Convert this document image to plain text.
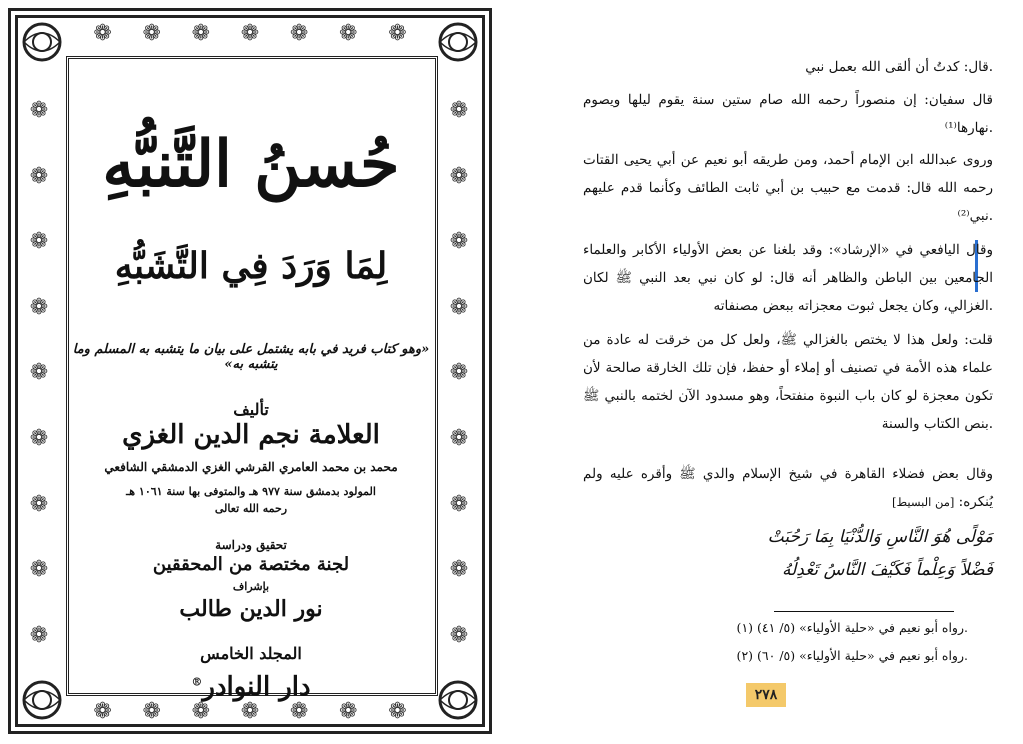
❁ ❁ ❁ ❁ ❁ ❁ ❁
❁ ❁ ❁ ❁ ❁ ❁ ❁
❁
❁
❁
❁
❁
❁
❁
❁
❁
❁
❁
❁
❁
❁
❁
❁
❁
❁
حُسنُ التَّنبُّهِ
لِمَا وَرَدَ فِي التَّشَبُّهِ
«وهو كتاب فريد في بابه يشتمل على بيان ما يتشبه به المسلم وما يتشبه به»
تأليف
العلامة نجم الدين الغزي
محمد بن محمد العامري القرشي الغزي الدمشقي الشافعي
المولود بدمشق سنة ٩٧٧ هـ والمتوفى بها سنة ١٠٦١ هـ
رحمه الله تعالى
تحقيق ودراسة
لجنة مختصة من المحققين
بإشراف
نور الدين طالب
المجلد الخامس
دار النوادر®
قال: كدتُ أن ألقى الله بعمل نبي.
قال سفيان: إن منصوراً رحمه الله صام ستين سنة يقوم ليلها ويصوم نهارها⁽¹⁾.
وروى عبدالله ابن الإمام أحمد، ومن طريقه أبو نعيم عن أبي يحيى القتات رحمه الله قال: قدمت مع حبيب بن أبي ثابت الطائف وكأنما قدم عليهم نبي⁽²⁾.
وقال اليافعي في «الإرشاد»: وقد بلغنا عن بعض الأولياء الأكابر والعلماء الجامعين بين الباطن والظاهر أنه قال: لو كان نبي بعد النبي ﷺ لكان الغزالي، وكان يجعل ثبوت معجزاته ببعض مصنفاته.
قلت: ولعل هذا لا يختص بالغزالي ﷺ، ولعل كل من خرقت له عادة من علماء هذه الأمة في تصنيف أو إملاء أو حفظ، فإن تلك الخارقة صالحة لأن تكون معجزة لو كان باب النبوة منفتحاً، وهو مسدود الآن لختمه بالنبي ﷺ بنص الكتاب والسنة.
وقال بعض فضلاء القاهرة في شيخ الإسلام والدي ﷺ وأقره عليه ولم يُنكره: [من البسيط]
مَوْلًى هُوَ النَّاسِ وَالدُّنْيَا بِمَا رَحُبَتْ
فَضْلاً وَعِلْماً فَكَيْفَ النَّاسُ تَعْدِلُهُ
(١) رواه أبو نعيم في «حلية الأولياء» (٥/ ٤١).
(٢) رواه أبو نعيم في «حلية الأولياء» (٥/ ٦٠).
٢٧٨
